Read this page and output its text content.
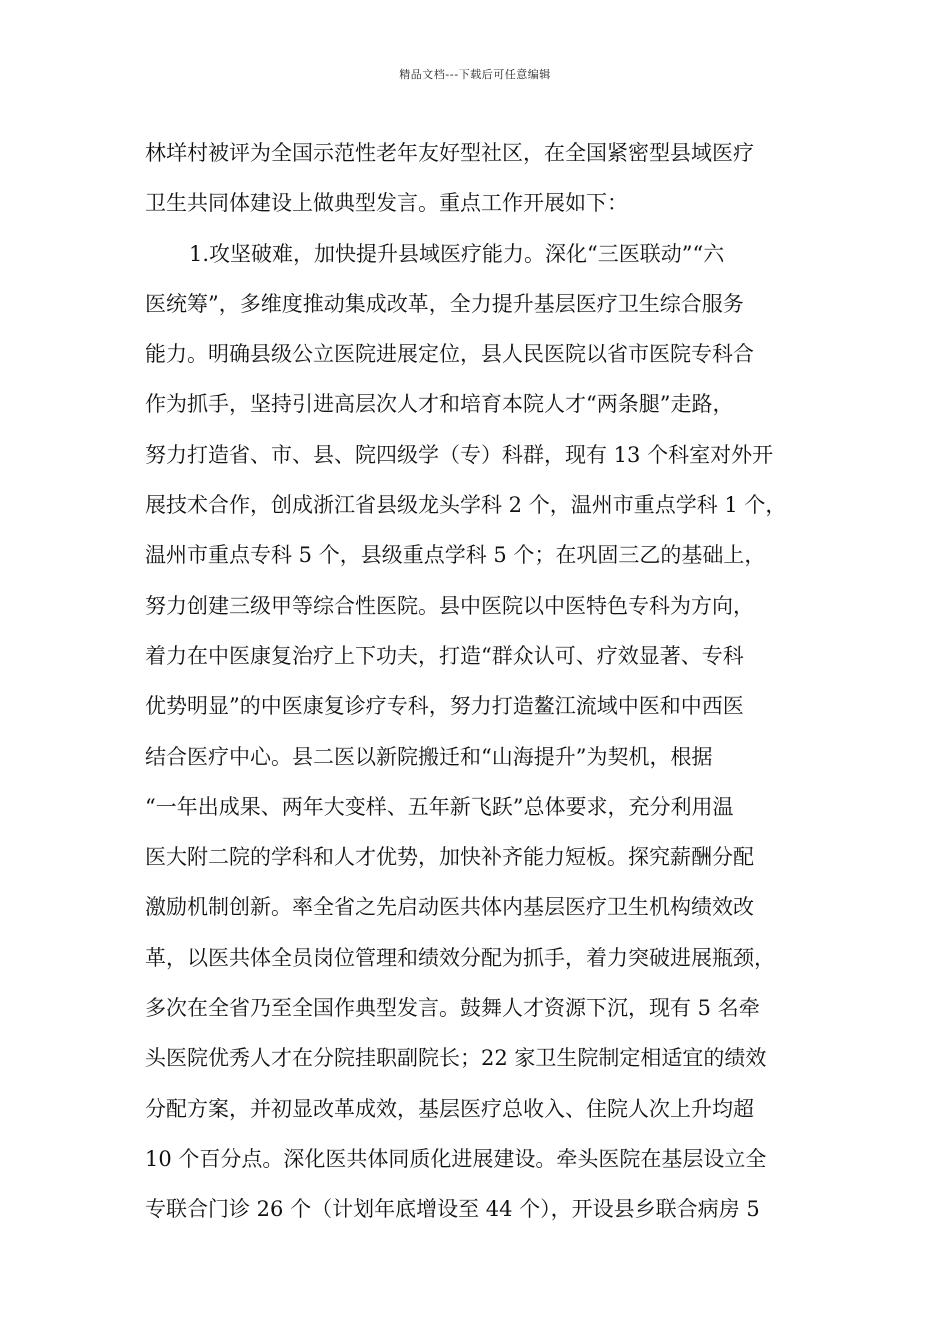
精品文档---下载后可任意编辑
林垟村被评为全国示范性老年友好型社区，在全国紧密型县域医疗
卫生共同体建设上做典型发言。重点工作开展如下：
1.攻坚破难，加快提升县域医疗能力。深化“三医联动”“六
医统筹”，多维度推动集成改革，全力提升基层医疗卫生综合服务
能力。明确县级公立医院进展定位，县人民医院以省市医院专科合
作为抓手，坚持引进高层次人才和培育本院人才“两条腿”走路，
努力打造省、市、县、院四级学（专）科群，现有 13 个科室对外开
展技术合作，创成浙江省县级龙头学科 2 个，温州市重点学科 1 个，
温州市重点专科 5 个，县级重点学科 5 个；在巩固三乙的基础上，
努力创建三级甲等综合性医院。县中医院以中医特色专科为方向，
着力在中医康复治疗上下功夫，打造“群众认可、疗效显著、专科
优势明显”的中医康复诊疗专科，努力打造鳌江流域中医和中西医
结合医疗中心。县二医以新院搬迁和“山海提升”为契机，根据
“一年出成果、两年大变样、五年新飞跃”总体要求，充分利用温
医大附二院的学科和人才优势，加快补齐能力短板。探究薪酬分配
激励机制创新。率全省之先启动医共体内基层医疗卫生机构绩效改
革，以医共体全员岗位管理和绩效分配为抓手，着力突破进展瓶颈，
多次在全省乃至全国作典型发言。鼓舞人才资源下沉，现有 5 名牵
头医院优秀人才在分院挂职副院长；22 家卫生院制定相适宜的绩效
分配方案，并初显改革成效，基层医疗总收入、住院人次上升均超
10 个百分点。深化医共体同质化进展建设。牵头医院在基层设立全
专联合门诊 26 个（计划年底增设至 44 个），开设县乡联合病房 5
